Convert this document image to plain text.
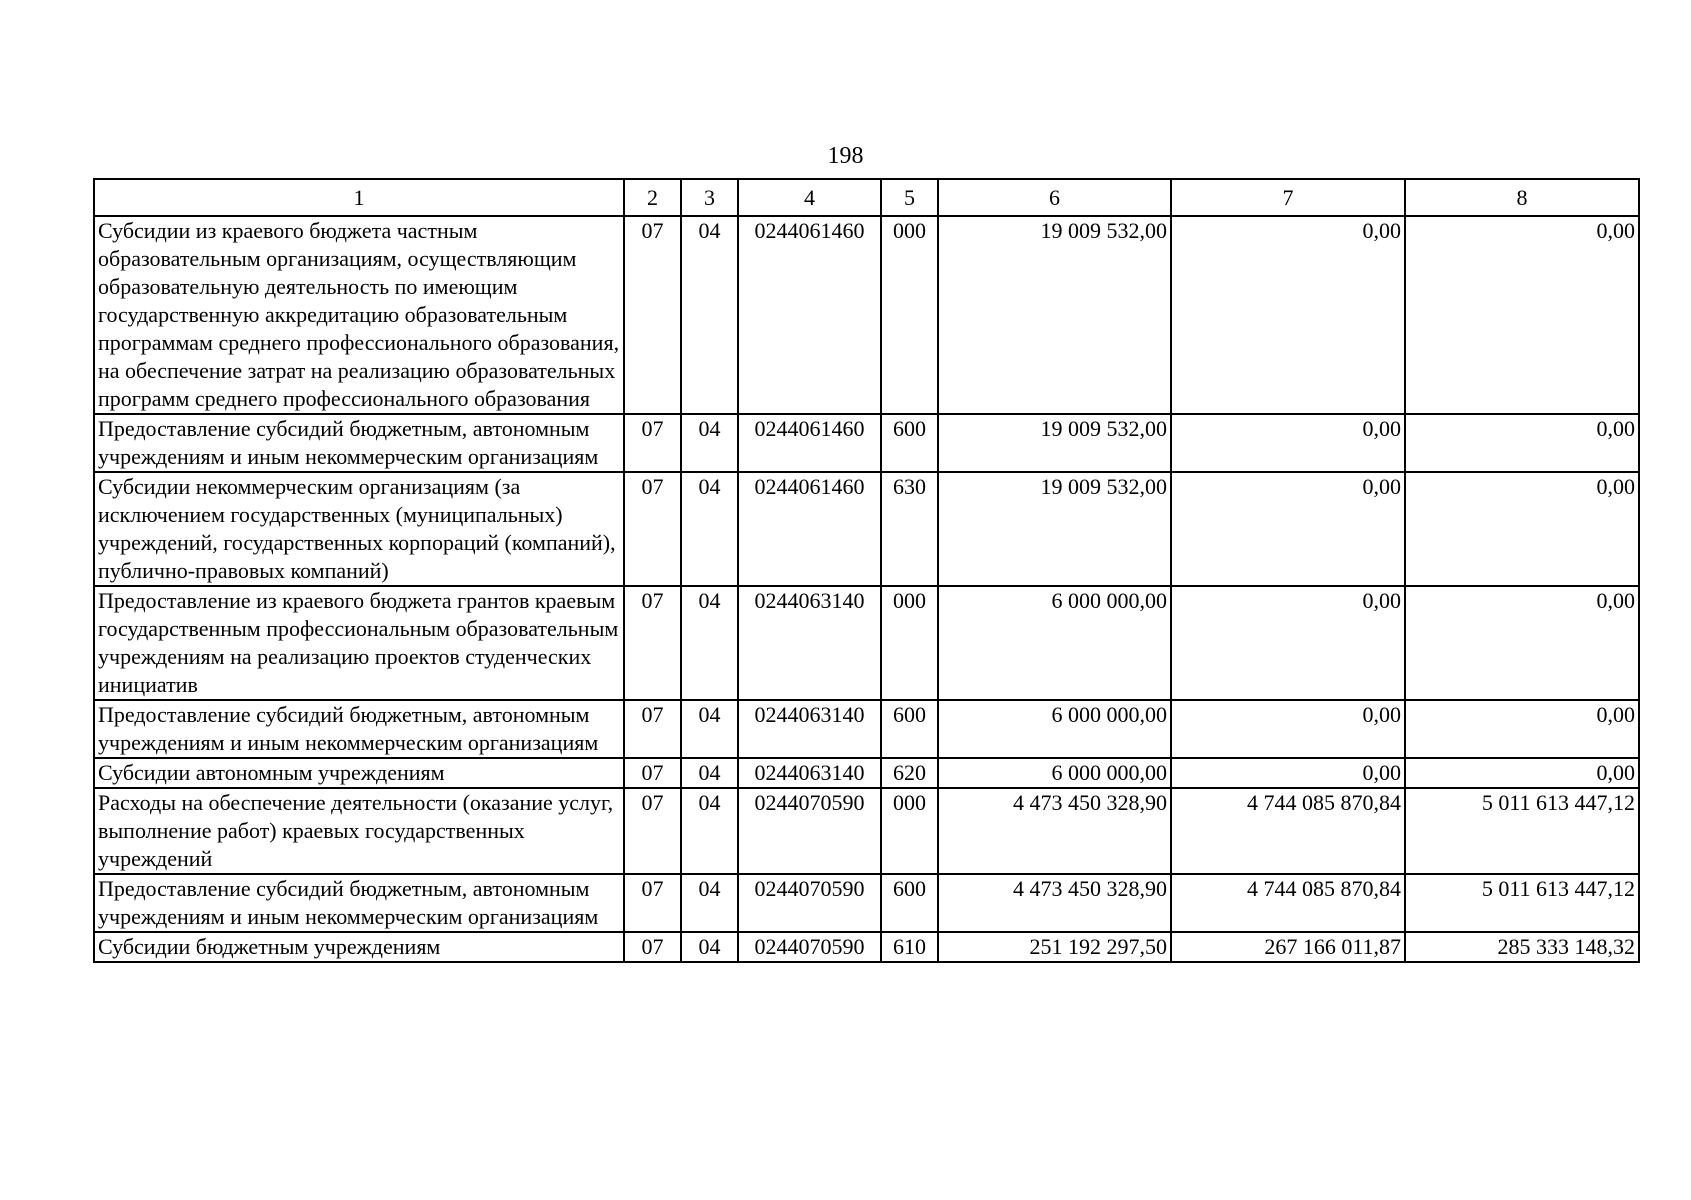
198
1	2	3	4	5	6	7	8
Субсидии из краевого бюджета частным образовательным организациям, осуществляющим образовательную деятельность по имеющим государственную аккредитацию образовательным программам среднего профессионального образования, на обеспечение затрат на реализацию образовательных программ среднего профессионального образования	07	04	0244061460	000	19 009 532,00	0,00	0,00
Предоставление субсидий бюджетным, автономным учреждениям и иным некоммерческим организациям	07	04	0244061460	600	19 009 532,00	0,00	0,00
Субсидии некоммерческим организациям (за исключением государственных (муниципальных) учреждений, государственных корпораций (компаний), публично-правовых компаний)	07	04	0244061460	630	19 009 532,00	0,00	0,00
Предоставление из краевого бюджета грантов краевым государственным профессиональным образовательным учреждениям на реализацию проектов студенческих инициатив	07	04	0244063140	000	6 000 000,00	0,00	0,00
Предоставление субсидий бюджетным, автономным учреждениям и иным некоммерческим организациям	07	04	0244063140	600	6 000 000,00	0,00	0,00
Субсидии автономным учреждениям	07	04	0244063140	620	6 000 000,00	0,00	0,00
Расходы на обеспечение деятельности (оказание услуг, выполнение работ) краевых государственных учреждений	07	04	0244070590	000	4 473 450 328,90	4 744 085 870,84	5 011 613 447,12
Предоставление субсидий бюджетным, автономным учреждениям и иным некоммерческим организациям	07	04	0244070590	600	4 473 450 328,90	4 744 085 870,84	5 011 613 447,12
Субсидии бюджетным учреждениям	07	04	0244070590	610	251 192 297,50	267 166 011,87	285 333 148,32
